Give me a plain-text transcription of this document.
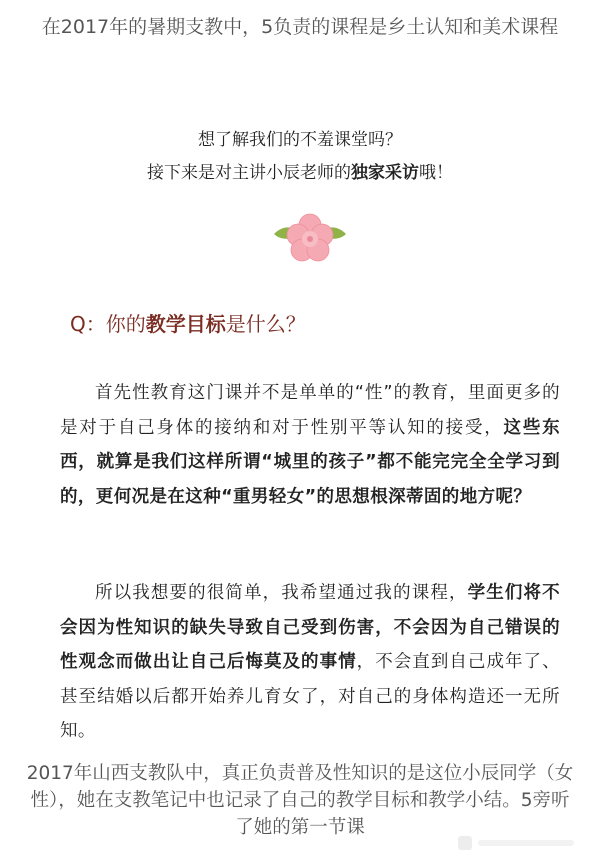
在2017年的暑期支教中，5负责的课程是乡土认知和美术课程

想了解我们的不羞课堂吗？
接下来是对主讲小辰老师的独家采访哦！

Q：你的教学目标是什么？

首先性教育这门课并不是单单的“性”的教育，里面更多的是对于自己身体的接纳和对于性别平等认知的接受，这些东西，就算是我们这样所谓“城里的孩子”都不能完完全全学习到的，更何况是在这种“重男轻女”的思想根深蒂固的地方呢？

所以我想要的很简单，我希望通过我的课程，学生们将不会因为性知识的缺失导致自己受到伤害，不会因为自己错误的性观念而做出让自己后悔莫及的事情，不会直到自己成年了、甚至结婚以后都开始养儿育女了，对自己的身体构造还一无所知。

2017年山西支教队中，真正负责普及性知识的是这位小辰同学（女性），她在支教笔记中也记录了自己的教学目标和教学小结。5旁听了她的第一节课
